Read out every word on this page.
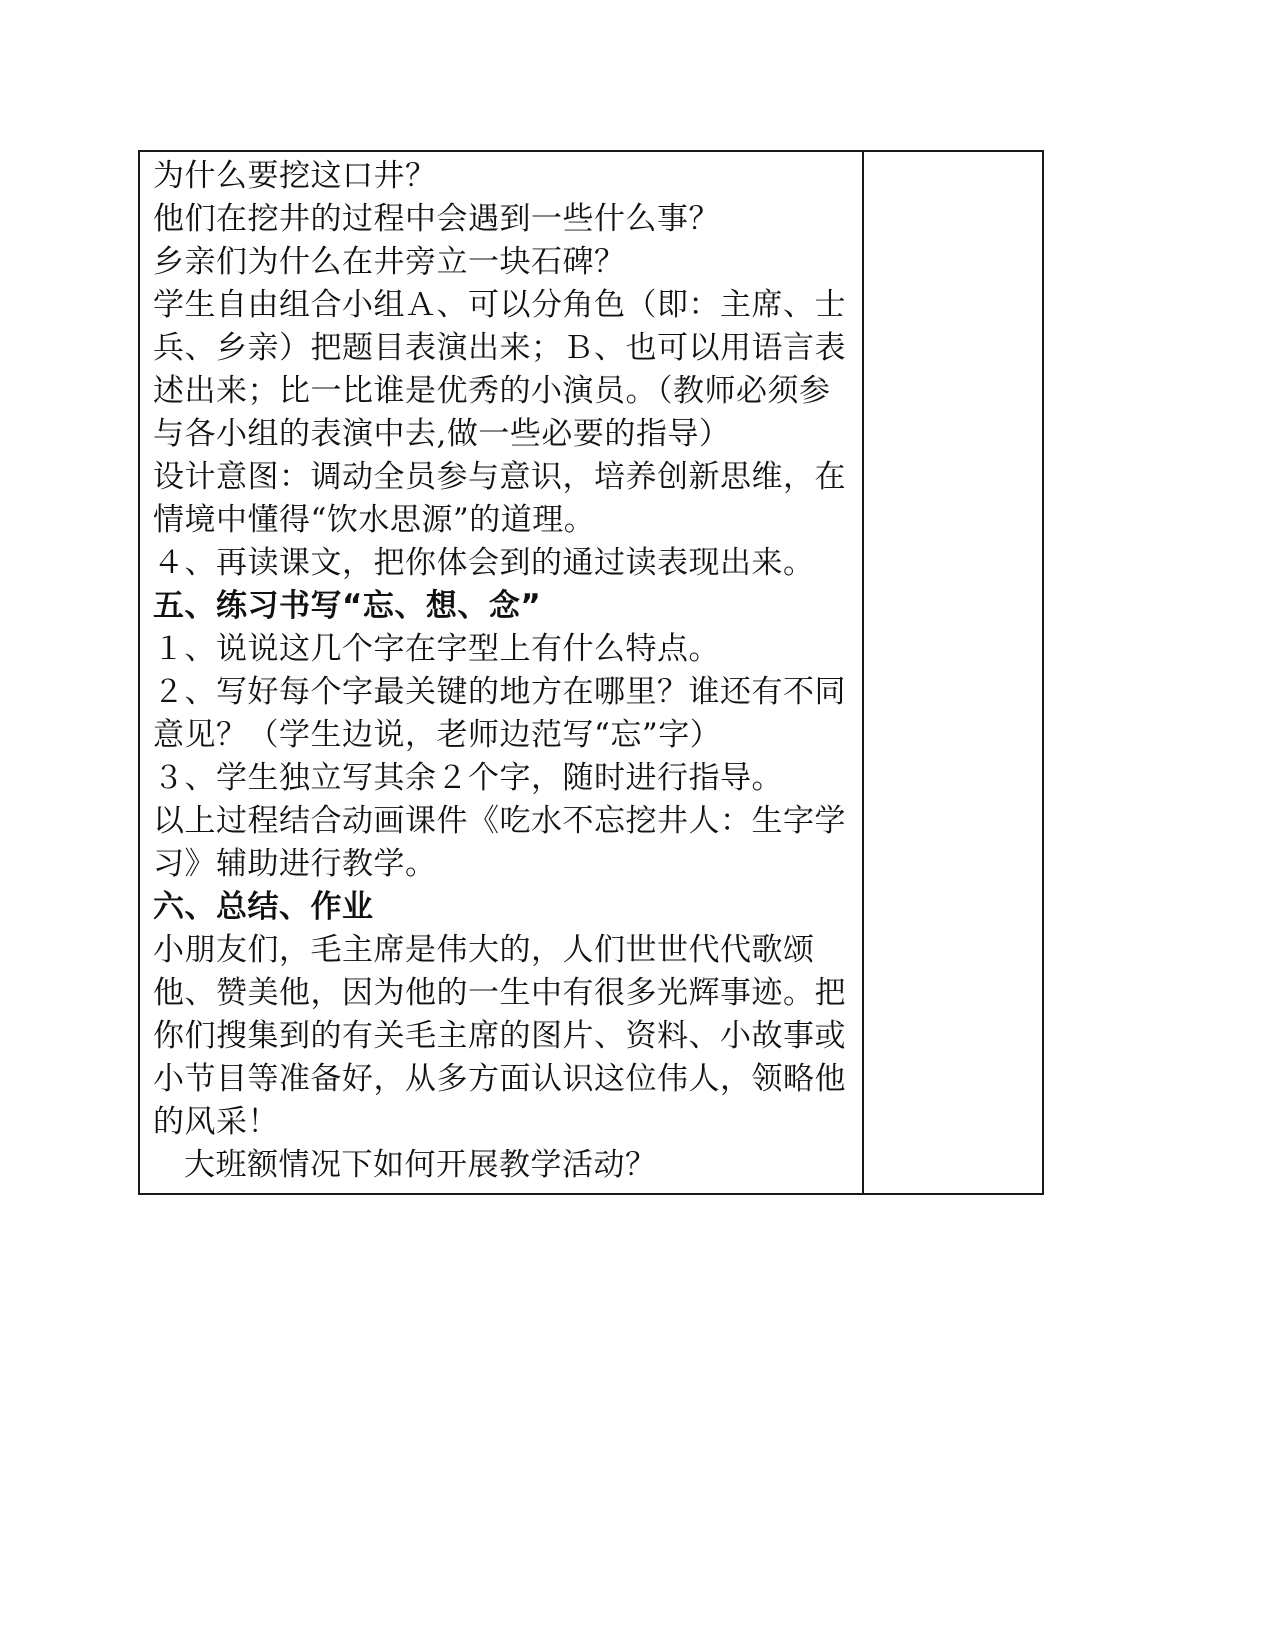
为什么要挖这口井？

他们在挖井的过程中会遇到一些什么事？

乡亲们为什么在井旁立一块石碑？

学生自由组合小组Ａ、可以分角色（即：主席、士兵、乡亲）把题目表演出来；Ｂ、也可以用语言表述出来；比一比谁是优秀的小演员。（教师必须参与各小组的表演中去,做一些必要的指导）

设计意图：调动全员参与意识，培养创新思维，在情境中懂得“饮水思源”的道理。

４、再读课文，把你体会到的通过读表现出来。

五、练习书写“忘、想、念”

１、说说这几个字在字型上有什么特点。

２、写好每个字最关键的地方在哪里？谁还有不同意见？（学生边说，老师边范写“忘”字）

３、学生独立写其余２个字，随时进行指导。

以上过程结合动画课件《吃水不忘挖井人：生字学习》辅助进行教学。

六、总结、作业

小朋友们，毛主席是伟大的，人们世世代代歌颂他、赞美他，因为他的一生中有很多光辉事迹。把你们搜集到的有关毛主席的图片、资料、小故事或小节目等准备好，从多方面认识这位伟人，领略他的风采！

大班额情况下如何开展教学活动？
